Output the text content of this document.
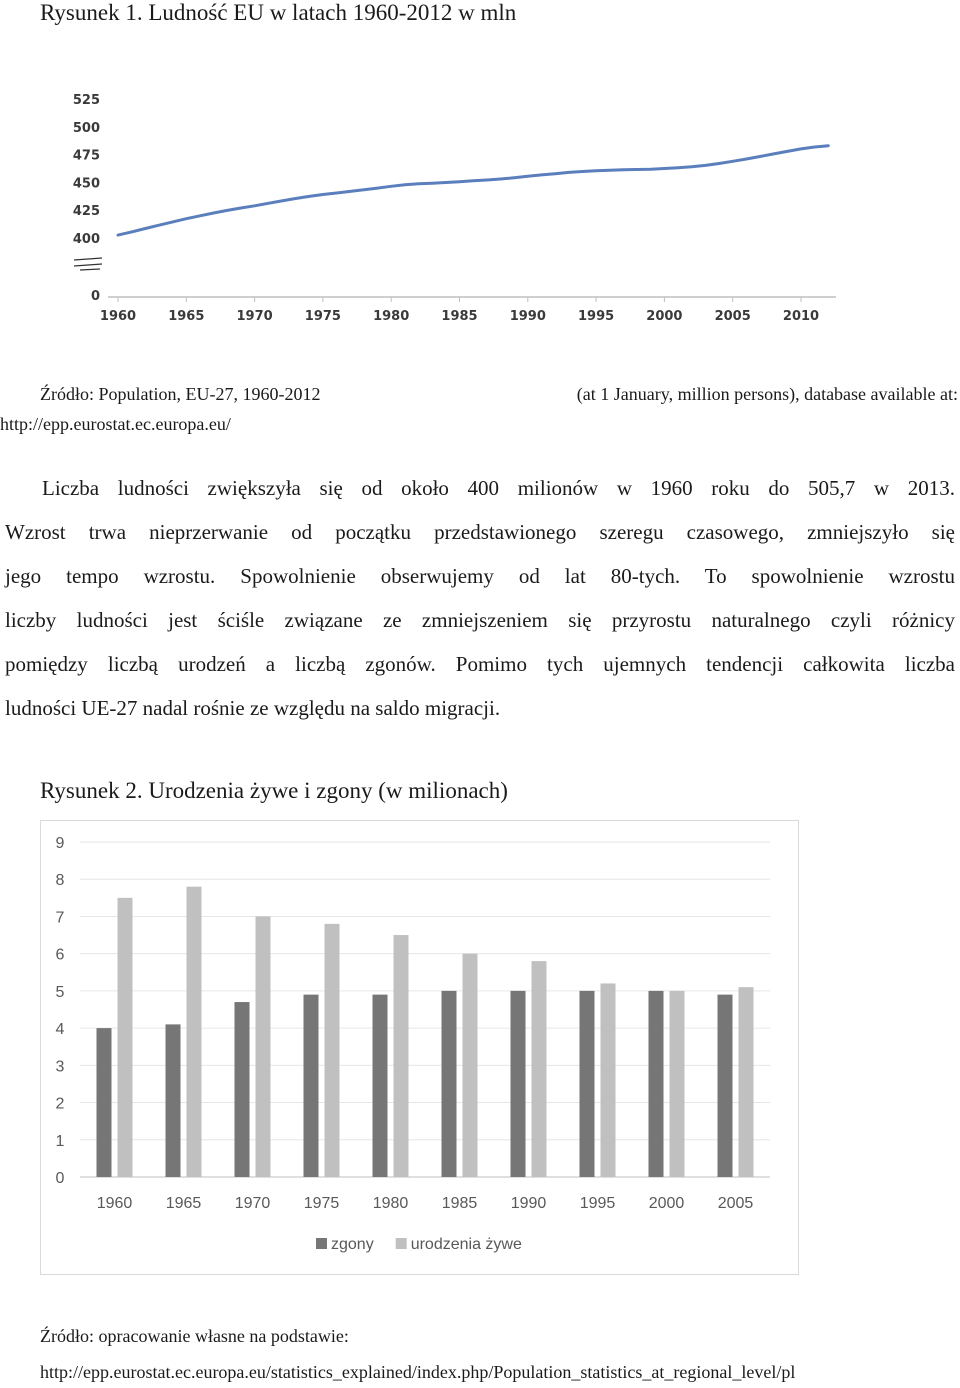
Rysunek 1. Ludność EU w latach 1960-2012 w mln
0
400
425
450
475
500
525
1960 1965 1970 1975 1980 1985 1990 1995 2000 2005 2010
Źródło: Population, EU-27, 1960-2012	(at 1 January, million persons), database available at:
http://epp.eurostat.ec.europa.eu/
Liczba ludności zwiększyła się od około 400 milionów w 1960 roku do 505,7 w 2013.
Wzrost trwa nieprzerwanie od początku przedstawionego szeregu czasowego, zmniejszyło się
jego tempo wzrostu. Spowolnienie obserwujemy od lat 80-tych. To spowolnienie wzrostu
liczby ludności jest ściśle związane ze zmniejszeniem się przyrostu naturalnego czyli różnicy
pomiędzy liczbą urodzeń a liczbą zgonów. Pomimo tych ujemnych tendencji całkowita liczba
ludności UE-27 nadal rośnie ze względu na saldo migracji.
Rysunek 2. Urodzenia żywe i zgony (w milionach)
0
1
2
3
4
5
6
7
8
9
1960 1965 1970 1975 1980 1985 1990 1995 2000 2005
zgony urodzenia żywe
Źródło: opracowanie własne na podstawie:
http://epp.eurostat.ec.europa.eu/statistics_explained/index.php/Population_statistics_at_regional_level/pl
